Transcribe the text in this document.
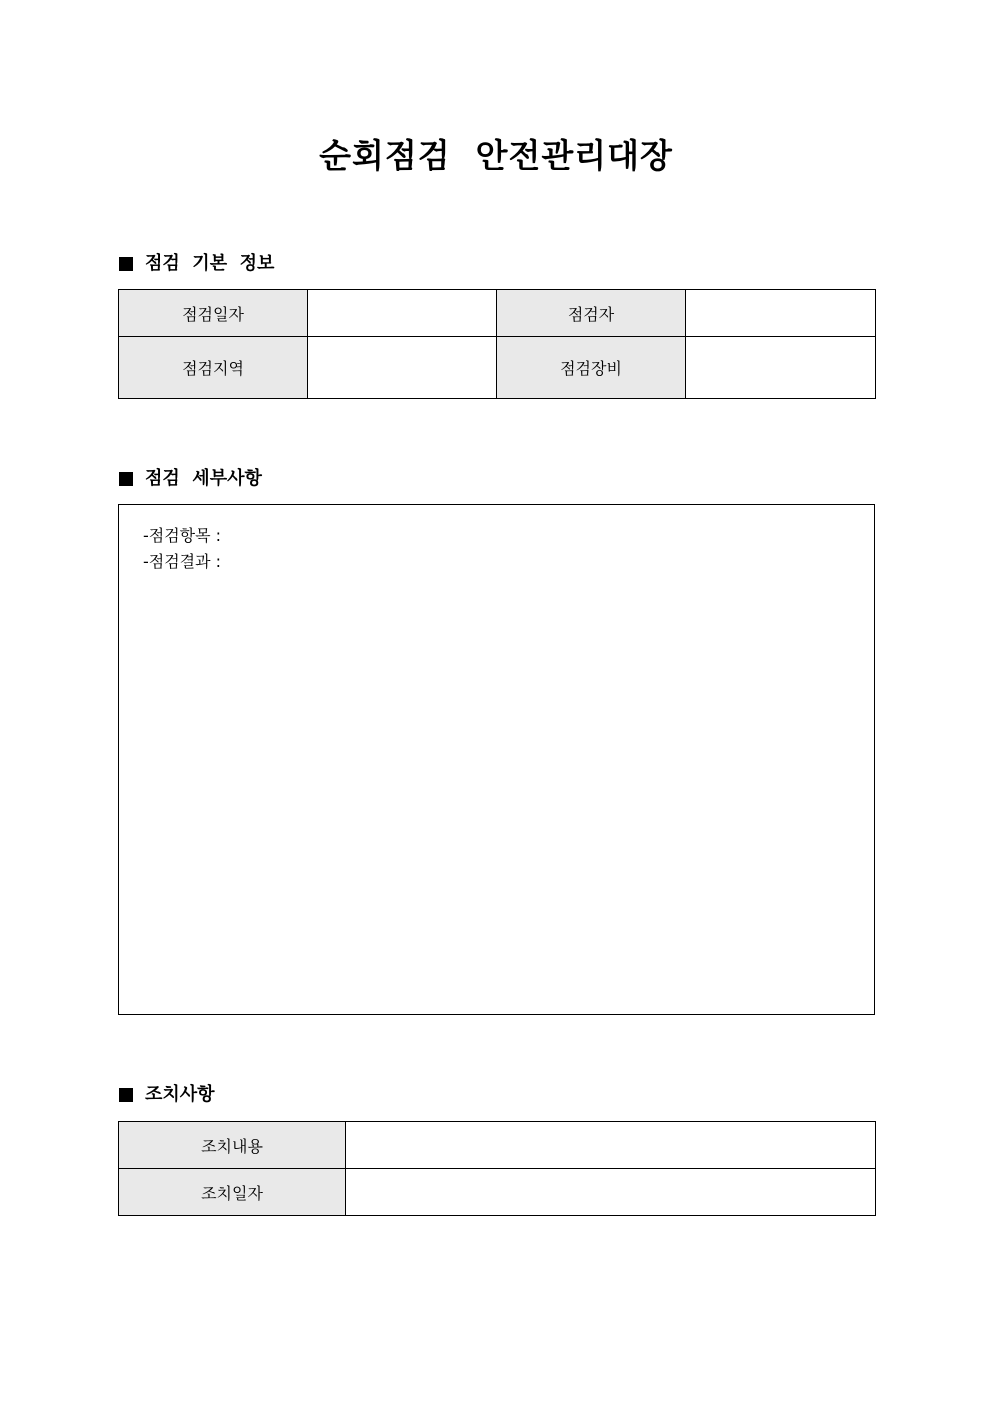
순회점검  안전관리대장
점검  기본  정보
점검일자		점검자	
점검지역		점검장비	
점검  세부사항
-점검항목 :
-점검결과 :
조치사항
조치내용	
조치일자	
